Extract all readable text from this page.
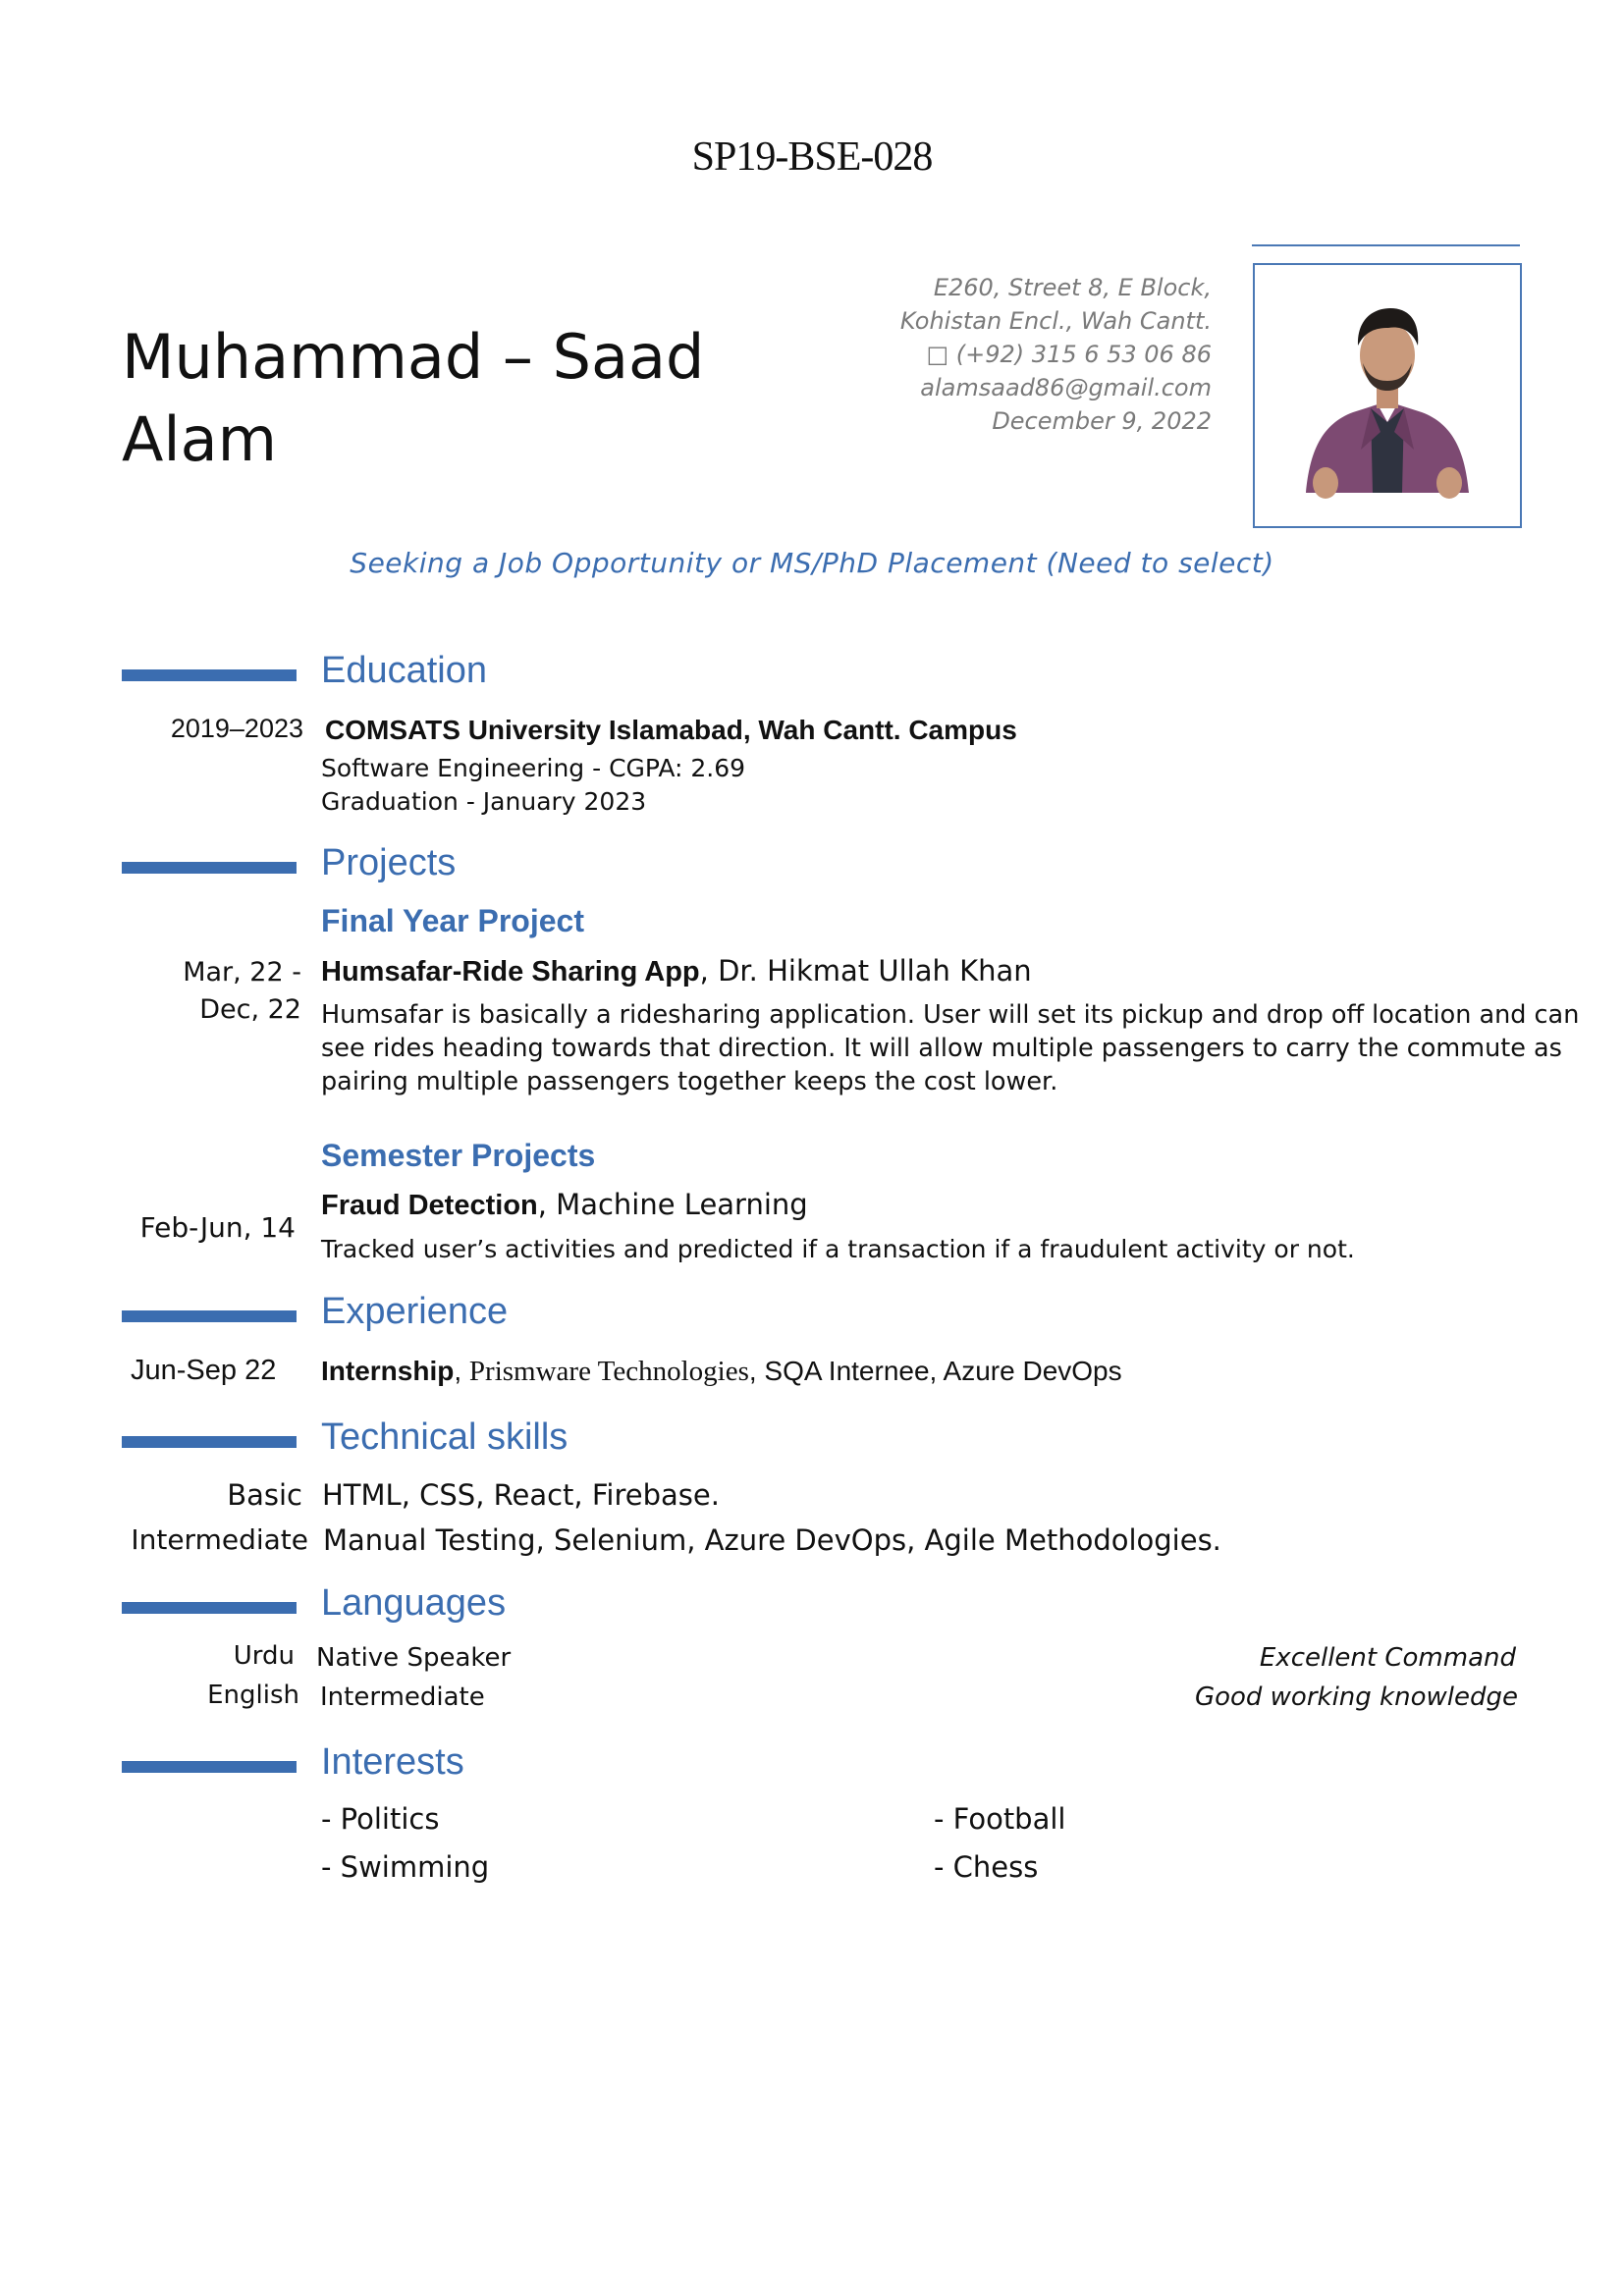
SP19-BSE-028
Muhammad – Saad
Alam
E260, Street 8, E Block,
Kohistan Encl., Wah Cantt.
□ (+92) 315 6 53 06 86
alamsaad86@gmail.com
December 9, 2022
Seeking a Job Opportunity or MS/PhD Placement (Need to select)
Education
2019–2023 COMSATS University Islamabad, Wah Cantt. Campus
Software Engineering - CGPA: 2.69
Graduation - January 2023
Projects
Final Year Project
Mar, 22 -
Dec, 22
Humsafar-Ride Sharing App, Dr. Hikmat Ullah Khan
Humsafar is basically a ridesharing application. User will set its pickup and drop off location and can
see rides heading towards that direction. It will allow multiple passengers to carry the commute as
pairing multiple passengers together keeps the cost lower.
Semester Projects
Feb-Jun, 14
Fraud Detection, Machine Learning
Tracked user’s activities and predicted if a transaction if a fraudulent activity or not.
Experience
Jun-Sep 22	Internship, Prismware Technologies, SQA Internee, Azure DevOps
Technical skills
Basic HTML, CSS, React, Firebase.
Intermediate Manual Testing, Selenium, Azure DevOps, Agile Methodologies.
Languages
Urdu Native Speaker	Excellent Command
English Intermediate	Good working knowledge
Interests
- Politics	- Football
- Swimming	- Chess
